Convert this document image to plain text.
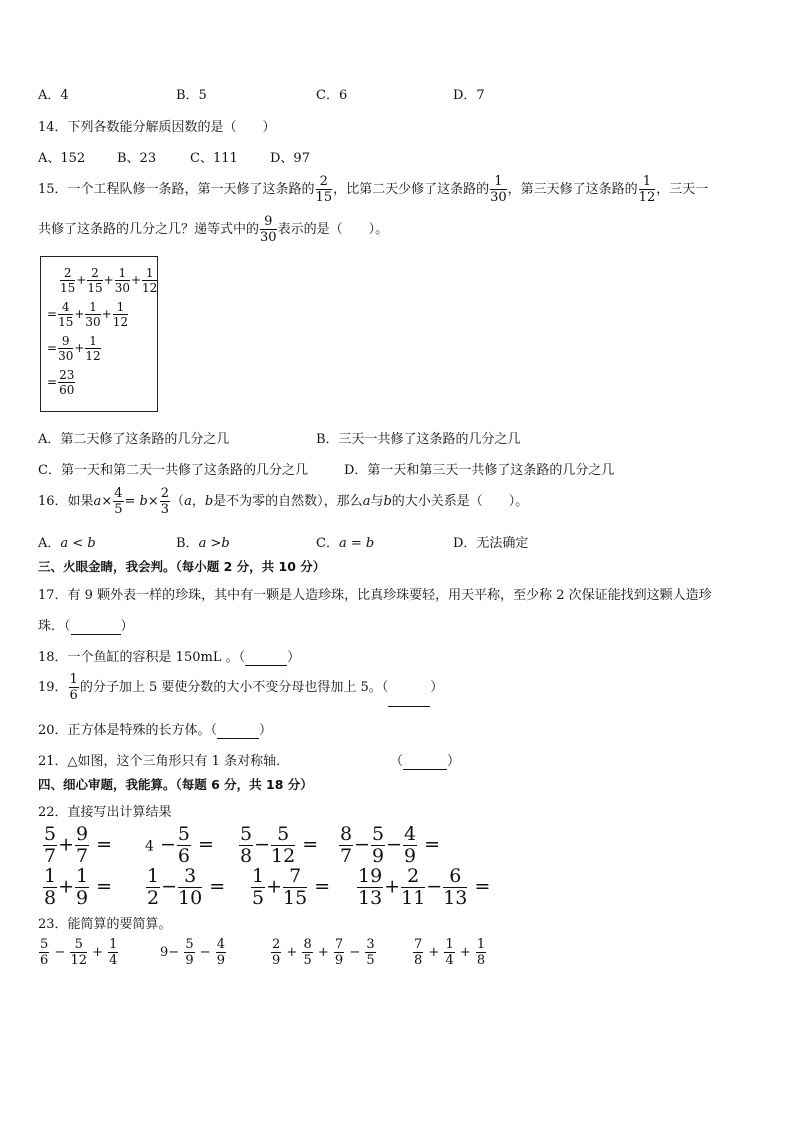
A．4	B．5	C．6	D．7
14．下列各数能分解质因数的是（　　）
A、152 B、23	C、111 D、97
15．一个工程队修一条路，第一天修了这条路的 $\frac{2}{15}$ ，比第二天少修了这条路的 $\frac{1}{30}$ ，第三天修了这条路的 $\frac{1}{12}$ ，三天一
共修了这条路的几分之几？递等式中的 $\frac{9}{30}$ 表示的是（　　）。
$\frac{2}{15} + \frac{2}{15} + \frac{1}{30} + \frac{1}{12}$
= $\frac{4}{15} + \frac{1}{30} + \frac{1}{12}$
= $\frac{9}{30} + \frac{1}{12}$
= $\frac{23}{60}$
A．第二天修了这条路的几分之几	B．三天一共修了这条路的几分之几
C．第一天和第二天一共修了这条路的几分之几	D．第一天和第三天一共修了这条路的几分之几
16．如果$a\times \frac{4}{5} = b\times \frac{2}{3} (a$，b是不为零的自然数），那么a与b的大小关系是（　　）。
A．a < b	B．a >b	C．a = b	D．无法确定
三、火眼金睛，我会判。（每小题 2 分，共 10 分）
17．有 9 颗外表一样的珍珠，其中有一颗是人造珍珠，比真珍珠要轻，用天平称，至少称 2 次保证能找到这颗人造珍
珠．（	）
18．一个鱼缸的容积是 150mL 。（	）
19． $\frac{1}{6}$ 的分子加上 5 要使分数的大小不变分母也得加上 5。（	）
20．正方体是特殊的长方体。（	）
21．△如图，这个三角形只有 1 条对称轴．	（	）
四、细心审题，我能算。（每题 6 分，共 18 分）
22．直接写出计算结果
$\frac{5}{7} + \frac{9}{7} = 4 - \frac{5}{6} = \frac{5}{8} - \frac{5}{12} = \frac{8}{7} - \frac{5}{9} - \frac{4}{9}$ =
$\frac{1}{8} + \frac{1}{9} = \frac{1}{2} - \frac{3}{10} = \frac{1}{5} + \frac{7}{15} = \frac{19}{13} + \frac{2}{11} - \frac{6}{13}$ =
23．能简算的要简算。
$\frac{5}{6} - \frac{5}{12} + \frac{1}{4}$	$9- \frac{5}{9} - \frac{4}{9}$	$\frac{2}{9} + \frac{8}{5} + \frac{7}{9} - \frac{3}{5}$	$\frac{7}{8} + \frac{1}{4} + \frac{1}{8}$
